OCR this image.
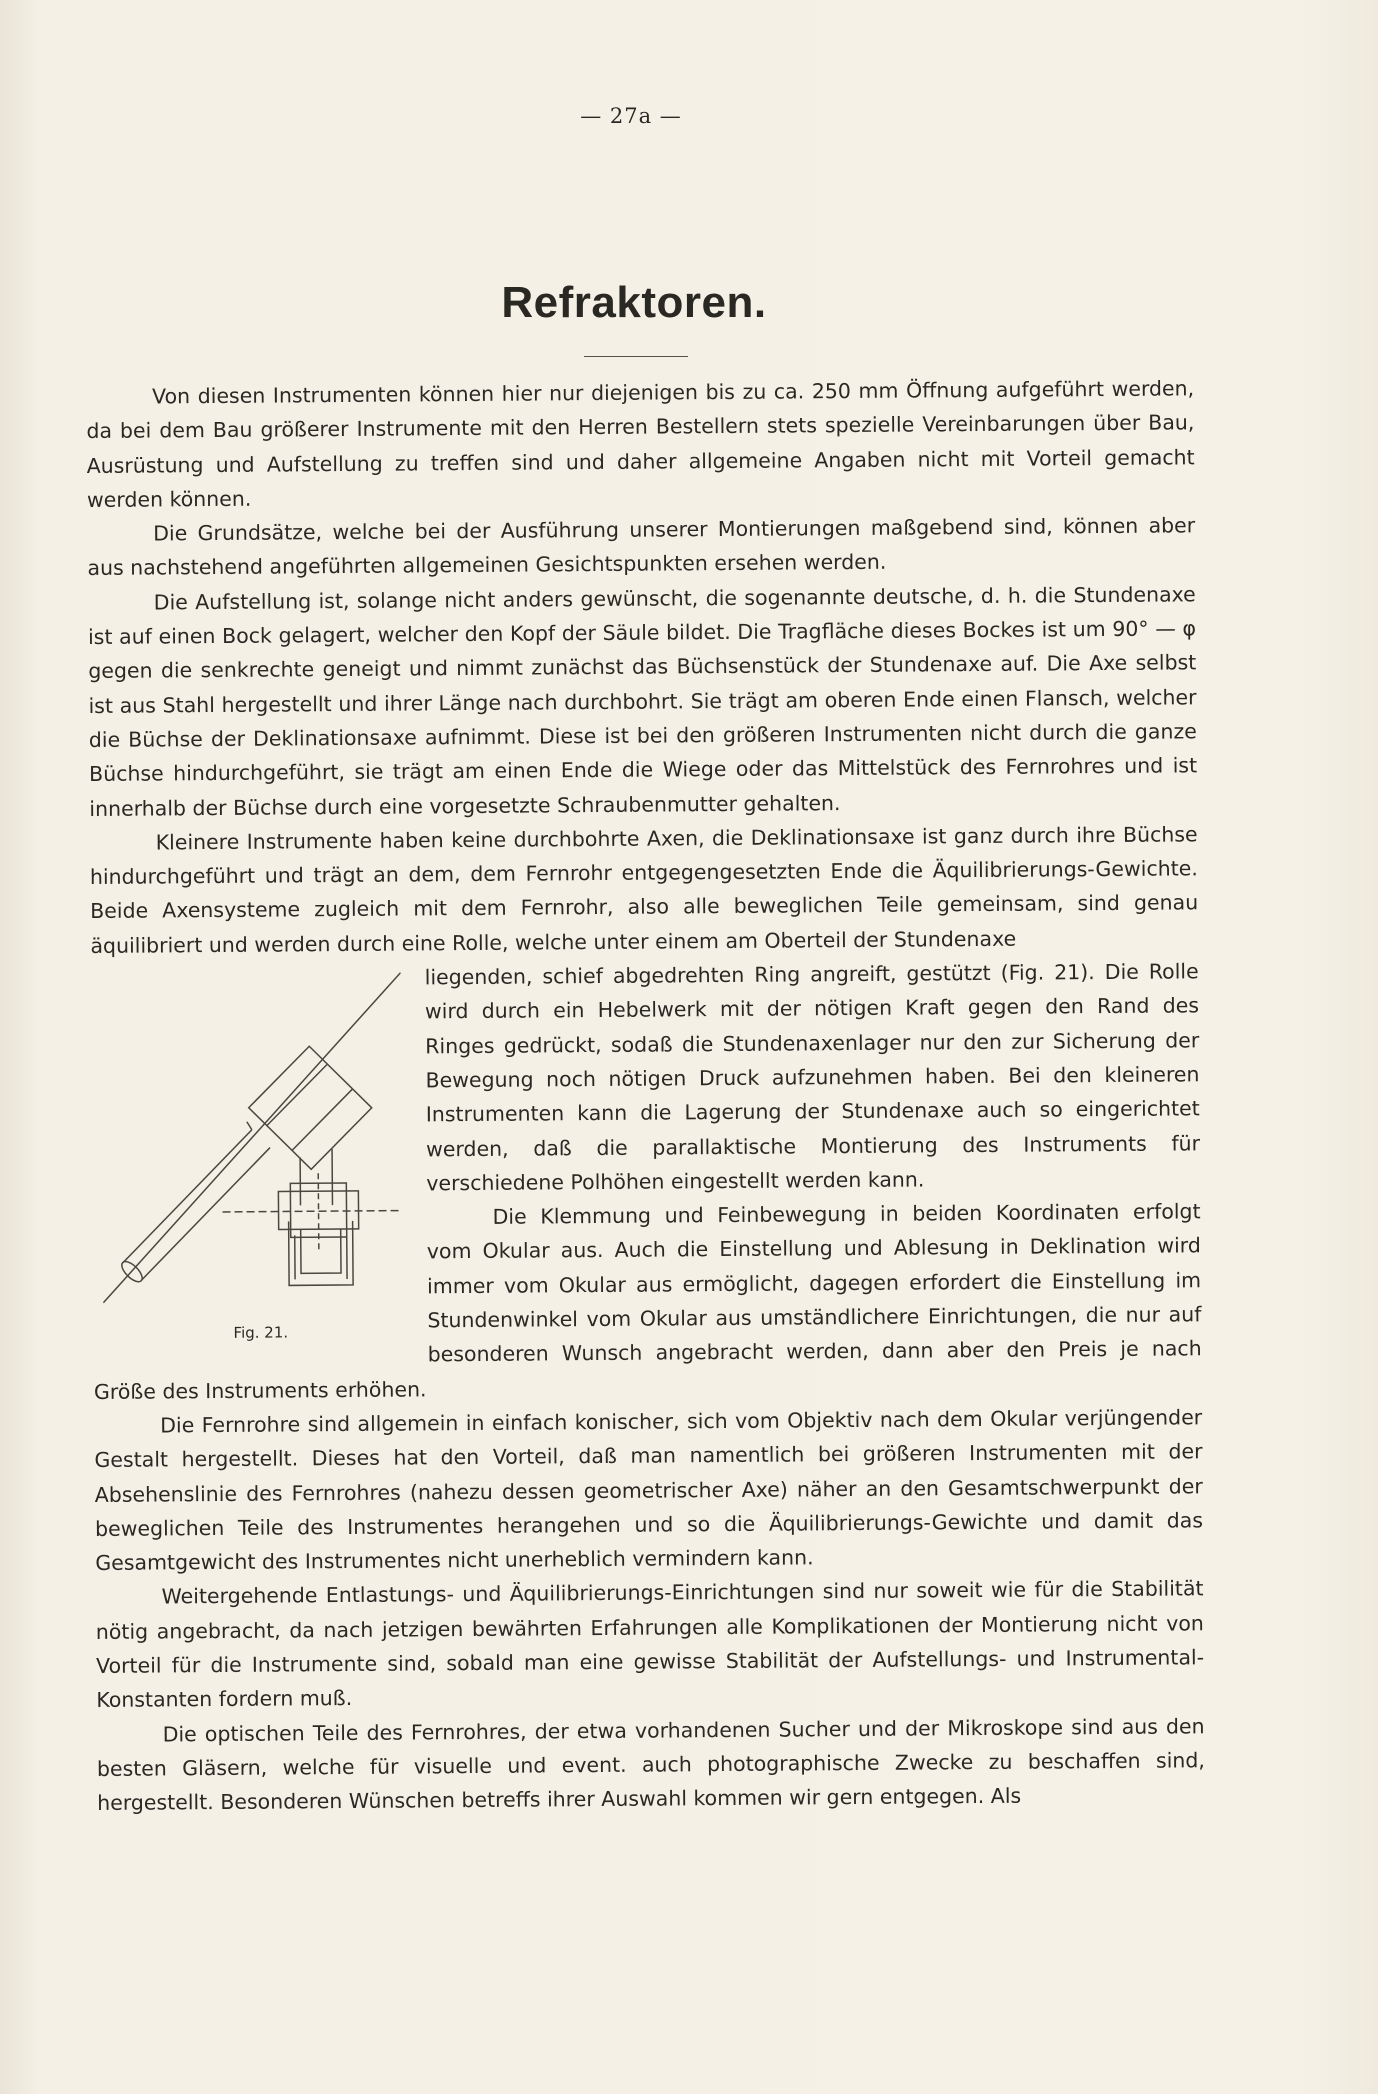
— 27a —
Refraktoren.

Von diesen Instrumenten können hier nur diejenigen bis zu ca. 250 mm Öffnung aufgeführt werden, da bei dem Bau größerer Instrumente mit den Herren Bestellern stets spezielle Vereinbarungen über Bau, Ausrüstung und Aufstellung zu treffen sind und daher allgemeine Angaben nicht mit Vorteil gemacht werden können.

Die Grundsätze, welche bei der Ausführung unserer Montierungen maßgebend sind, können aber aus nachstehend angeführten allgemeinen Gesichtspunkten ersehen werden.

Die Aufstellung ist, solange nicht anders gewünscht, die sogenannte deutsche, d. h. die Stundenaxe ist auf einen Bock gelagert, welcher den Kopf der Säule bildet. Die Tragfläche dieses Bockes ist um 90° — φ gegen die senkrechte geneigt und nimmt zunächst das Büchsenstück der Stundenaxe auf. Die Axe selbst ist aus Stahl hergestellt und ihrer Länge nach durchbohrt. Sie trägt am oberen Ende einen Flansch, welcher die Büchse der Deklinationsaxe aufnimmt. Diese ist bei den größeren Instrumenten nicht durch die ganze Büchse hindurchgeführt, sie trägt am einen Ende die Wiege oder das Mittelstück des Fernrohres und ist innerhalb der Büchse durch eine vorgesetzte Schraubenmutter gehalten.

Kleinere Instrumente haben keine durchbohrte Axen, die Deklinationsaxe ist ganz durch ihre Büchse hindurchgeführt und trägt an dem, dem Fernrohr entgegengesetzten Ende die Äquilibrierungs-Gewichte. Beide Axensysteme zugleich mit dem Fernrohr, also alle beweglichen Teile gemeinsam, sind genau äquilibriert und werden durch eine Rolle, welche unter einem am Oberteil der Stundenaxe

Fig. 21.

liegenden, schief abgedrehten Ring angreift, gestützt (Fig. 21). Die Rolle wird durch ein Hebelwerk mit der nötigen Kraft gegen den Rand des Ringes gedrückt, sodaß die Stundenaxenlager nur den zur Sicherung der Bewegung noch nötigen Druck aufzunehmen haben. Bei den kleineren Instrumenten kann die Lagerung der Stundenaxe auch so eingerichtet werden, daß die parallaktische Montierung des Instruments für verschiedene Polhöhen eingestellt werden kann.

Die Klemmung und Feinbewegung in beiden Koordinaten erfolgt vom Okular aus. Auch die Einstellung und Ablesung in Deklination wird immer vom Okular aus ermöglicht, dagegen erfordert die Einstellung im Stundenwinkel vom Okular aus umständlichere Einrichtungen, die nur auf besonderen Wunsch angebracht werden, dann aber den Preis je nach Größe des Instruments erhöhen.

Die Fernrohre sind allgemein in einfach konischer, sich vom Objektiv nach dem Okular verjüngender Gestalt hergestellt. Dieses hat den Vorteil, daß man namentlich bei größeren Instrumenten mit der Absehenslinie des Fernrohres (nahezu dessen geometrischer Axe) näher an den Gesamtschwerpunkt der beweglichen Teile des Instrumentes herangehen und so die Äquilibrierungs-Gewichte und damit das Gesamtgewicht des Instrumentes nicht unerheblich vermindern kann.

Weitergehende Entlastungs- und Äquilibrierungs-Einrichtungen sind nur soweit wie für die Stabilität nötig angebracht, da nach jetzigen bewährten Erfahrungen alle Komplikationen der Montierung nicht von Vorteil für die Instrumente sind, sobald man eine gewisse Stabilität der Aufstellungs- und Instrumental-Konstanten fordern muß.

Die optischen Teile des Fernrohres, der etwa vorhandenen Sucher und der Mikroskope sind aus den besten Gläsern, welche für visuelle und event. auch photographische Zwecke zu beschaffen sind, hergestellt. Besonderen Wünschen betreffs ihrer Auswahl kommen wir gern entgegen. Als
